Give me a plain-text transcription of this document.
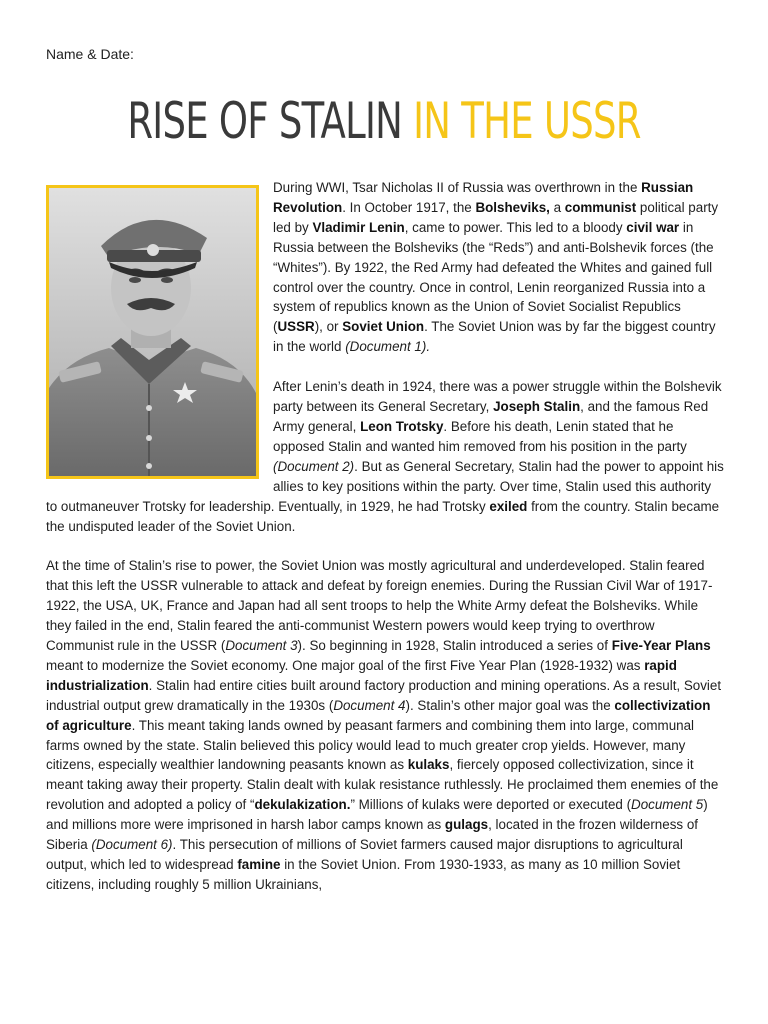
Name & Date:
RISE OF STALIN IN THE USSR

During WWI, Tsar Nicholas II of Russia was overthrown in the Russian Revolution. In October 1917, the Bolsheviks, a communist political party led by Vladimir Lenin, came to power. This led to a bloody civil war in Russia between the Bolsheviks (the “Reds”) and anti-Bolshevik forces (the “Whites”). By 1922, the Red Army had defeated the Whites and gained full control over the country. Once in control, Lenin reorganized Russia into a system of republics known as the Union of Soviet Socialist Republics (USSR), or Soviet Union. The Soviet Union was by far the biggest country in the world (Document 1).

After Lenin’s death in 1924, there was a power struggle within the Bolshevik party between its General Secretary, Joseph Stalin, and the famous Red Army general, Leon Trotsky. Before his death, Lenin stated that he opposed Stalin and wanted him removed from his position in the party (Document 2). But as General Secretary, Stalin had the power to appoint his allies to key positions within the party. Over time, Stalin used this authority to outmaneuver Trotsky for leadership. Eventually, in 1929, he had Trotsky exiled from the country. Stalin became the undisputed leader of the Soviet Union.

At the time of Stalin’s rise to power, the Soviet Union was mostly agricultural and underdeveloped. Stalin feared that this left the USSR vulnerable to attack and defeat by foreign enemies. During the Russian Civil War of 1917-1922, the USA, UK, France and Japan had all sent troops to help the White Army defeat the Bolsheviks. While they failed in the end, Stalin feared the anti-communist Western powers would keep trying to overthrow Communist rule in the USSR (Document 3). So beginning in 1928, Stalin introduced a series of Five-Year Plans meant to modernize the Soviet economy. One major goal of the first Five Year Plan (1928-1932) was rapid industrialization. Stalin had entire cities built around factory production and mining operations. As a result, Soviet industrial output grew dramatically in the 1930s (Document 4). Stalin’s other major goal was the collectivization of agriculture. This meant taking lands owned by peasant farmers and combining them into large, communal farms owned by the state. Stalin believed this policy would lead to much greater crop yields. However, many citizens, especially wealthier landowning peasants known as kulaks, fiercely opposed collectivization, since it meant taking away their property. Stalin dealt with kulak resistance ruthlessly. He proclaimed them enemies of the revolution and adopted a policy of “dekulakization.” Millions of kulaks were deported or executed (Document 5) and millions more were imprisoned in harsh labor camps known as gulags, located in the frozen wilderness of Siberia (Document 6). This persecution of millions of Soviet farmers caused major disruptions to agricultural output, which led to widespread famine in the Soviet Union. From 1930-1933, as many as 10 million Soviet citizens, including roughly 5 million Ukrainians,
